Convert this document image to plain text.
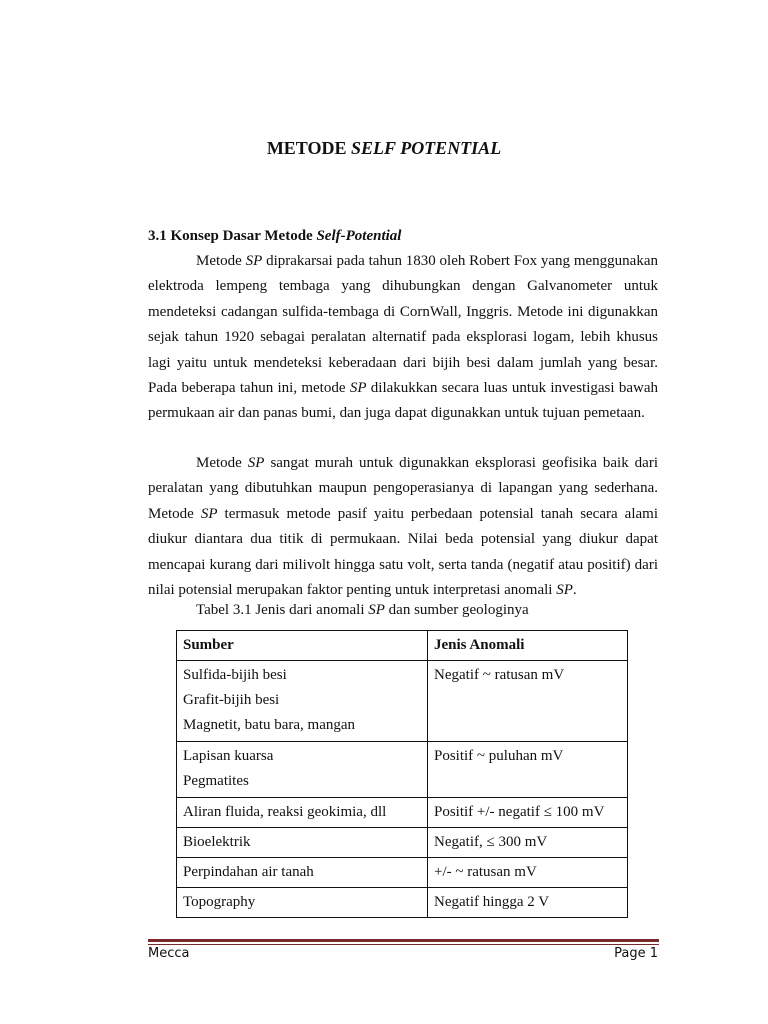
METODE SELF POTENTIAL
3.1 Konsep Dasar Metode Self-Potential

Metode SP diprakarsai pada tahun 1830 oleh Robert Fox yang menggunakan elektroda lempeng tembaga yang dihubungkan dengan Galvanometer untuk mendeteksi cadangan sulfida-tembaga di CornWall, Inggris. Metode ini digunakkan sejak tahun 1920 sebagai peralatan alternatif pada eksplorasi logam, lebih khusus lagi yaitu untuk mendeteksi keberadaan dari bijih besi dalam jumlah yang besar. Pada beberapa tahun ini, metode SP dilakukkan secara luas untuk investigasi bawah permukaan air dan panas bumi, dan juga dapat digunakkan untuk tujuan pemetaan.

Metode SP sangat murah untuk digunakkan eksplorasi geofisika baik dari peralatan yang dibutuhkan maupun pengoperasianya di lapangan yang sederhana. Metode SP termasuk metode pasif yaitu perbedaan potensial tanah secara alami diukur diantara dua titik di permukaan. Nilai beda potensial yang diukur dapat mencapai kurang dari milivolt hingga satu volt, serta tanda (negatif atau positif) dari nilai potensial merupakan faktor penting untuk interpretasi anomali SP.

Tabel 3.1 Jenis dari anomali SP dan sumber geologinya

Sumber	Jenis Anomali

Sulfida-bijih besi
Grafit-bijih besi
Magnetit, batu bara, mangan	Negatif ~ ratusan mV

Lapisan kuarsa
Pegmatites	Positif ~ puluhan mV
Aliran fluida, reaksi geokimia, dll	Positif +/- negatif ≤ 100 mV
Bioelektrik	Negatif, ≤ 300 mV
Perpindahan air tanah	+/- ~ ratusan mV
Topography	Negatif hingga 2 V
Mecca	Page 1
